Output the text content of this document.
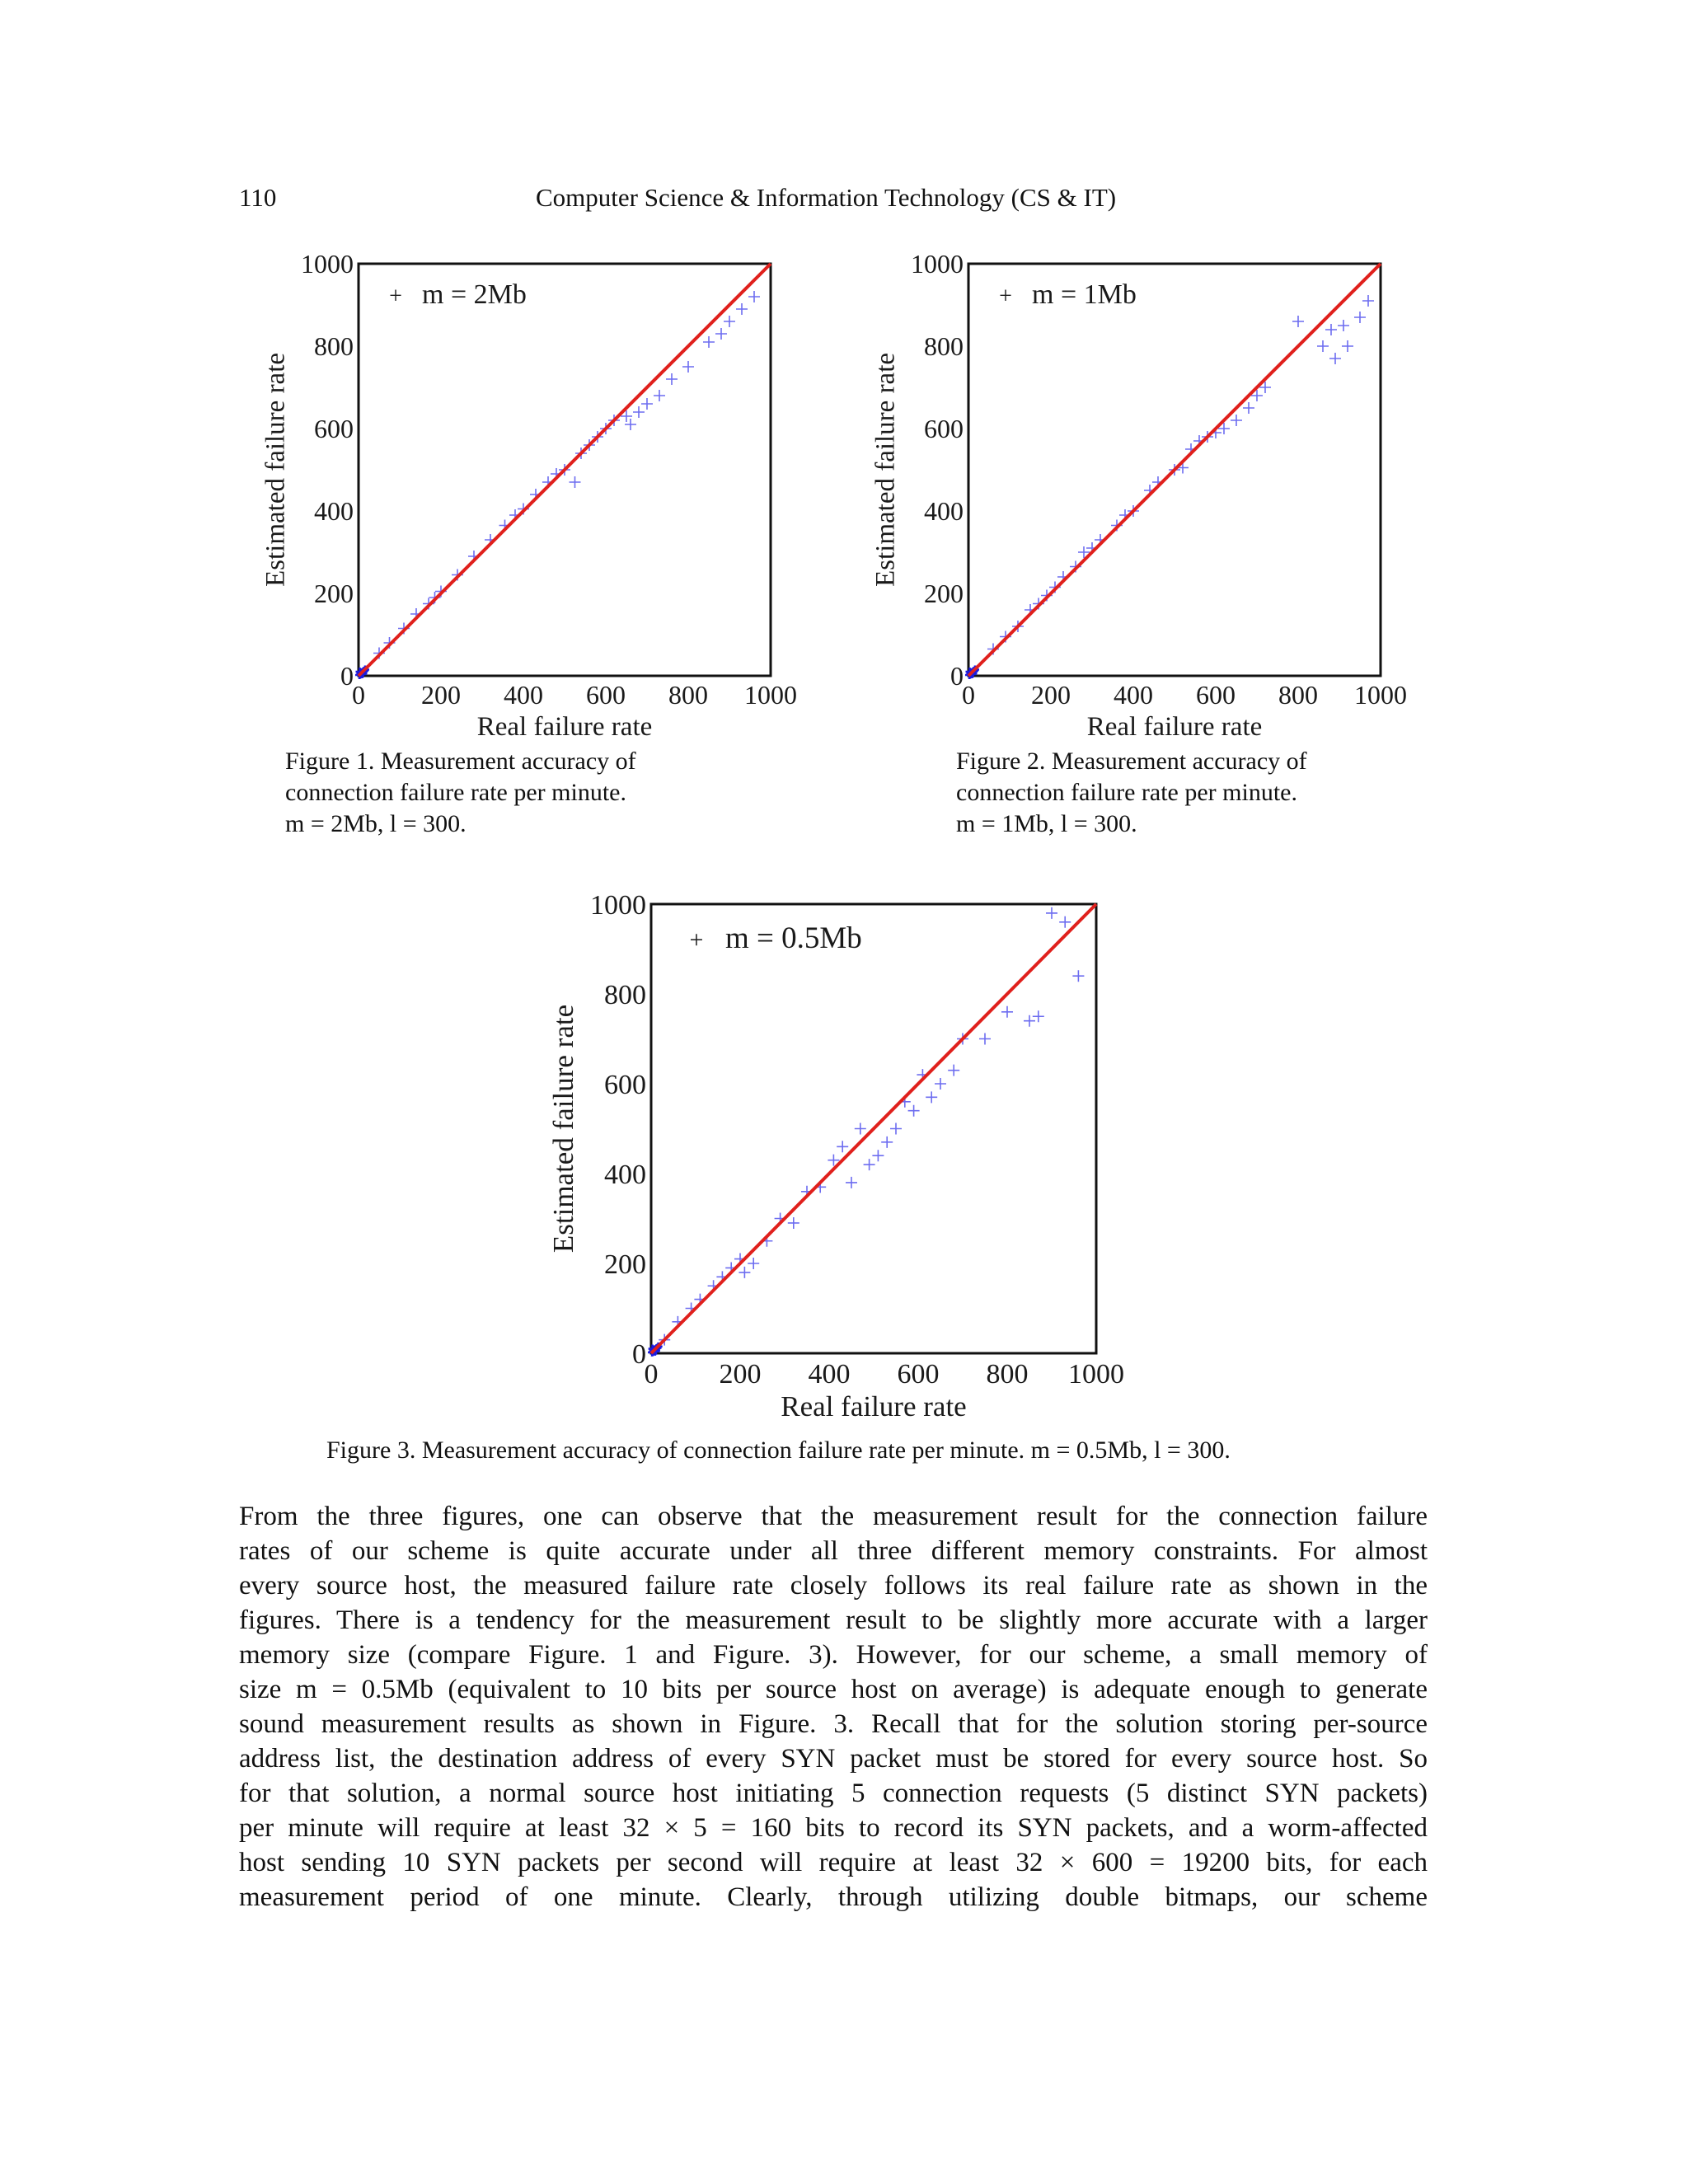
110	Computer Science & Information Technology (CS & IT)
0 200 400 600 800 1000
0
200
400
600
800
1000
+ m = 2Mb
Real failure rate
Estimated failure rate
0 200 400 600 800 1000
0
200
400
600
800
1000
+ m = 1Mb
Real failure rate
Estimated failure rate
Figure 1. Measurement accuracy of
connection failure rate per minute.
m = 2Mb, l = 300.
Figure 2. Measurement accuracy of
connection failure rate per minute.
m = 1Mb, l = 300.
0 200 400 600 800 1000
0
200
400
600
800
1000
+ m = 0.5Mb
Real failure rate
Estimated failure rate
Figure 3. Measurement accuracy of connection failure rate per minute. m = 0.5Mb, l = 300.
From the three figures, one can observe that the measurement result for the connection failure
rates of our scheme is quite accurate under all three different memory constraints. For almost
every source host, the measured failure rate closely follows its real failure rate as shown in the
figures. There is a tendency for the measurement result to be slightly more accurate with a larger
memory size (compare Figure. 1 and Figure. 3). However, for our scheme, a small memory of
size m = 0.5Mb (equivalent to 10 bits per source host on average) is adequate enough to generate
sound measurement results as shown in Figure. 3. Recall that for the solution storing per-source
address list, the destination address of every SYN packet must be stored for every source host. So
for that solution, a normal source host initiating 5 connection requests (5 distinct SYN packets)
per minute will require at least 32 × 5 = 160 bits to record its SYN packets, and a worm-affected
host sending 10 SYN packets per second will require at least 32 × 600 = 19200 bits, for each
measurement period of one minute. Clearly, through utilizing double bitmaps, our scheme
